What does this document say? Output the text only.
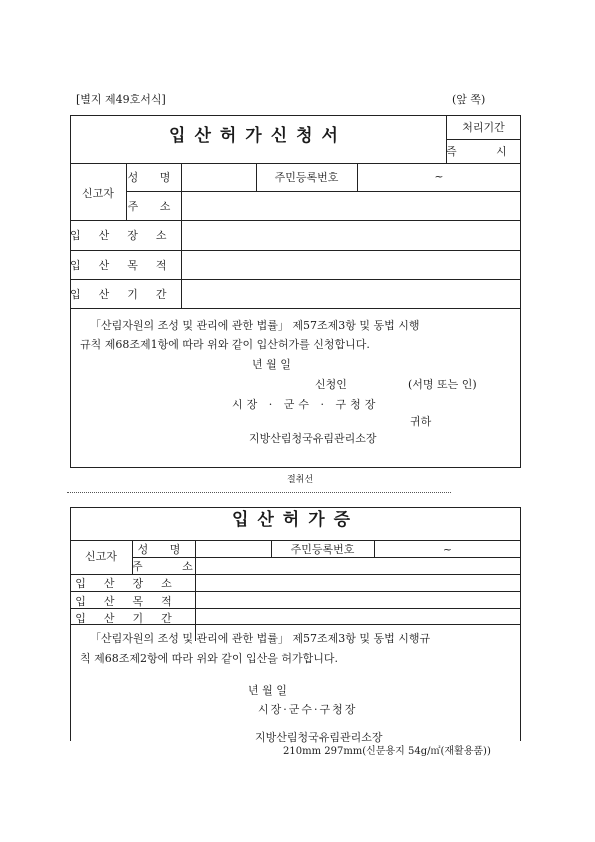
[별지 제49호서식]	(앞 쪽)
입산허가신청서	처리기간
즉 시
신고자
성 명	주민등록번호	~
주 소
입산장소
입산목적
입산기간
「산림자원의 조성 및 관리에 관한 법률」 제57조제3항 및 동법 시행
규칙 제68조제1항에 따라 위와 같이 입산허가를 신청합니다.
년 월 일
신청인	(서명 또는 인)
시장 · 군수 · 구청장
귀하
지방산림청국유림관리소장
절취선
입산허가증
신고자
성 명	주민등록번호	~
주 소
입산장소
입산목적
입산기간
「산림자원의 조성 및 관리에 관한 법률」 제57조제3항 및 동법 시행규
칙 제68조제2항에 따라 위와 같이 입산을 허가합니다.
년 월 일
시장·군수·구청장
지방산림청국유림관리소장
210mm 297mm(신문용지 54g/㎡(재활용품))
